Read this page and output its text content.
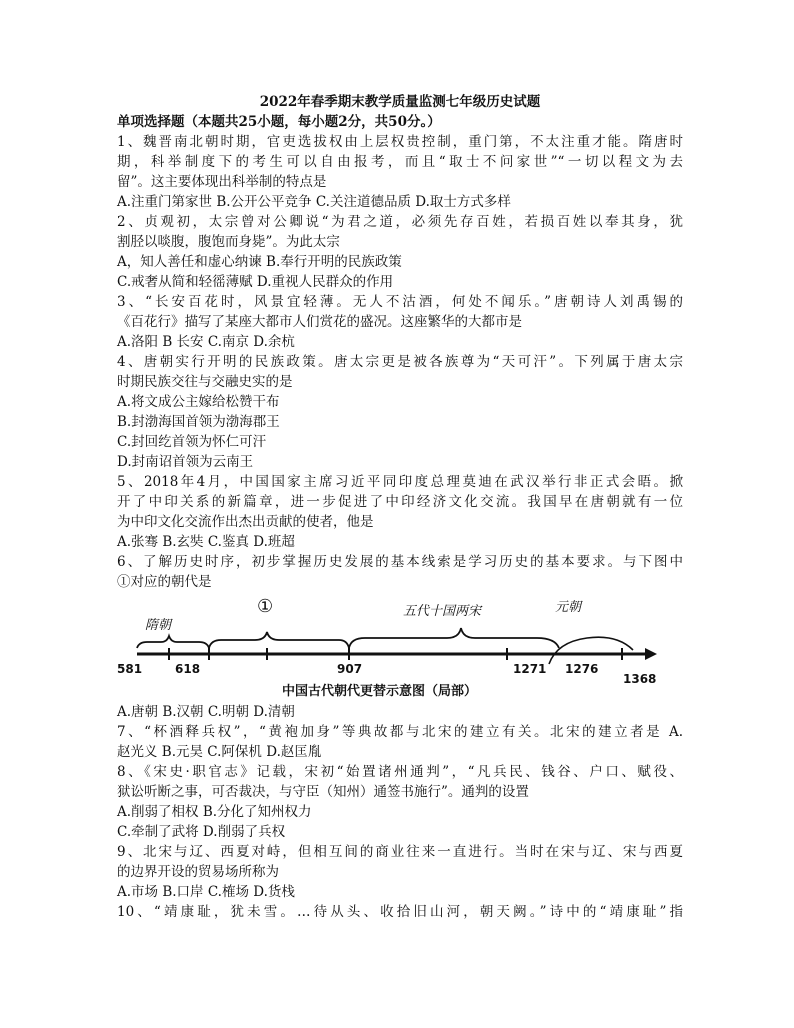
2022年春季期末教学质量监测七年级历史试题
单项选择题（本题共25小题，每小题2分，共50分。）
1、魏晋南北朝时期，官吏选拔权由上层权贵控制，重门第，不太注重才能。隋唐时
期，科举制度下的考生可以自由报考，而且“取士不问家世”“一切以程文为去
留”。这主要体现出科举制的特点是
A.注重门第家世 B.公开公平竞争 C.关注道德品质 D.取士方式多样
2、贞观初，太宗曾对公卿说“为君之道，必须先存百姓，若损百姓以奉其身，犹
割胫以啖腹，腹饱而身毙”。为此太宗
A，知人善任和虚心纳谏 B.奉行开明的民族政策
C.戒奢从简和轻徭薄赋 D.重视人民群众的作用
3、“长安百花时，风景宜轻薄。无人不沽酒，何处不闻乐。”唐朝诗人刘禹锡的
《百花行》描写了某座大都市人们赏花的盛况。这座繁华的大都市是
A.洛阳 B 长安 C.南京 D.余杭
4、唐朝实行开明的民族政策。唐太宗更是被各族尊为“天可汗”。下列属于唐太宗
时期民族交往与交融史实的是
A.将文成公主嫁给松赞干布
B.封渤海国首领为渤海郡王
C.封回纥首领为怀仁可汗
D.封南诏首领为云南王
5、2018年4月，中国国家主席习近平同印度总理莫迪在武汉举行非正式会晤。掀
开了中印关系的新篇章，进一步促进了中印经济文化交流。我国早在唐朝就有一位
为中印文化交流作出杰出贡献的使者，他是
A.张骞 B.玄奘 C.鉴真 D.班超
6、了解历史时序，初步掌握历史发展的基本线索是学习历史的基本要求。与下图中
①对应的朝代是
隋朝
①	五代十国两宋	元朝
581	618	907	1271 1276
1368
中国古代朝代更替示意图（局部）
A.唐朝 B.汉朝 C.明朝 D.清朝
7、“杯酒释兵权”，“黄袍加身”等典故都与北宋的建立有关。北宋的建立者是 A.
赵光义 B.元昊 C.阿保机 D.赵匡胤
8、《宋史·职官志》记载，宋初“始置诸州通判”，“凡兵民、钱谷、户口、赋役、
狱讼听断之事，可否裁决，与守臣（知州）通签书施行”。通判的设置
A.削弱了相权 B.分化了知州权力
C.牵制了武将 D.削弱了兵权
9、北宋与辽、西夏对峙，但相互间的商业往来一直进行。当时在宋与辽、宋与西夏
的边界开设的贸易场所称为
A.市场 B.口岸 C.榷场 D.货栈
10、“靖康耻，犹未雪。…待从头、收拾旧山河，朝天阙。”诗中的“靖康耻”指
